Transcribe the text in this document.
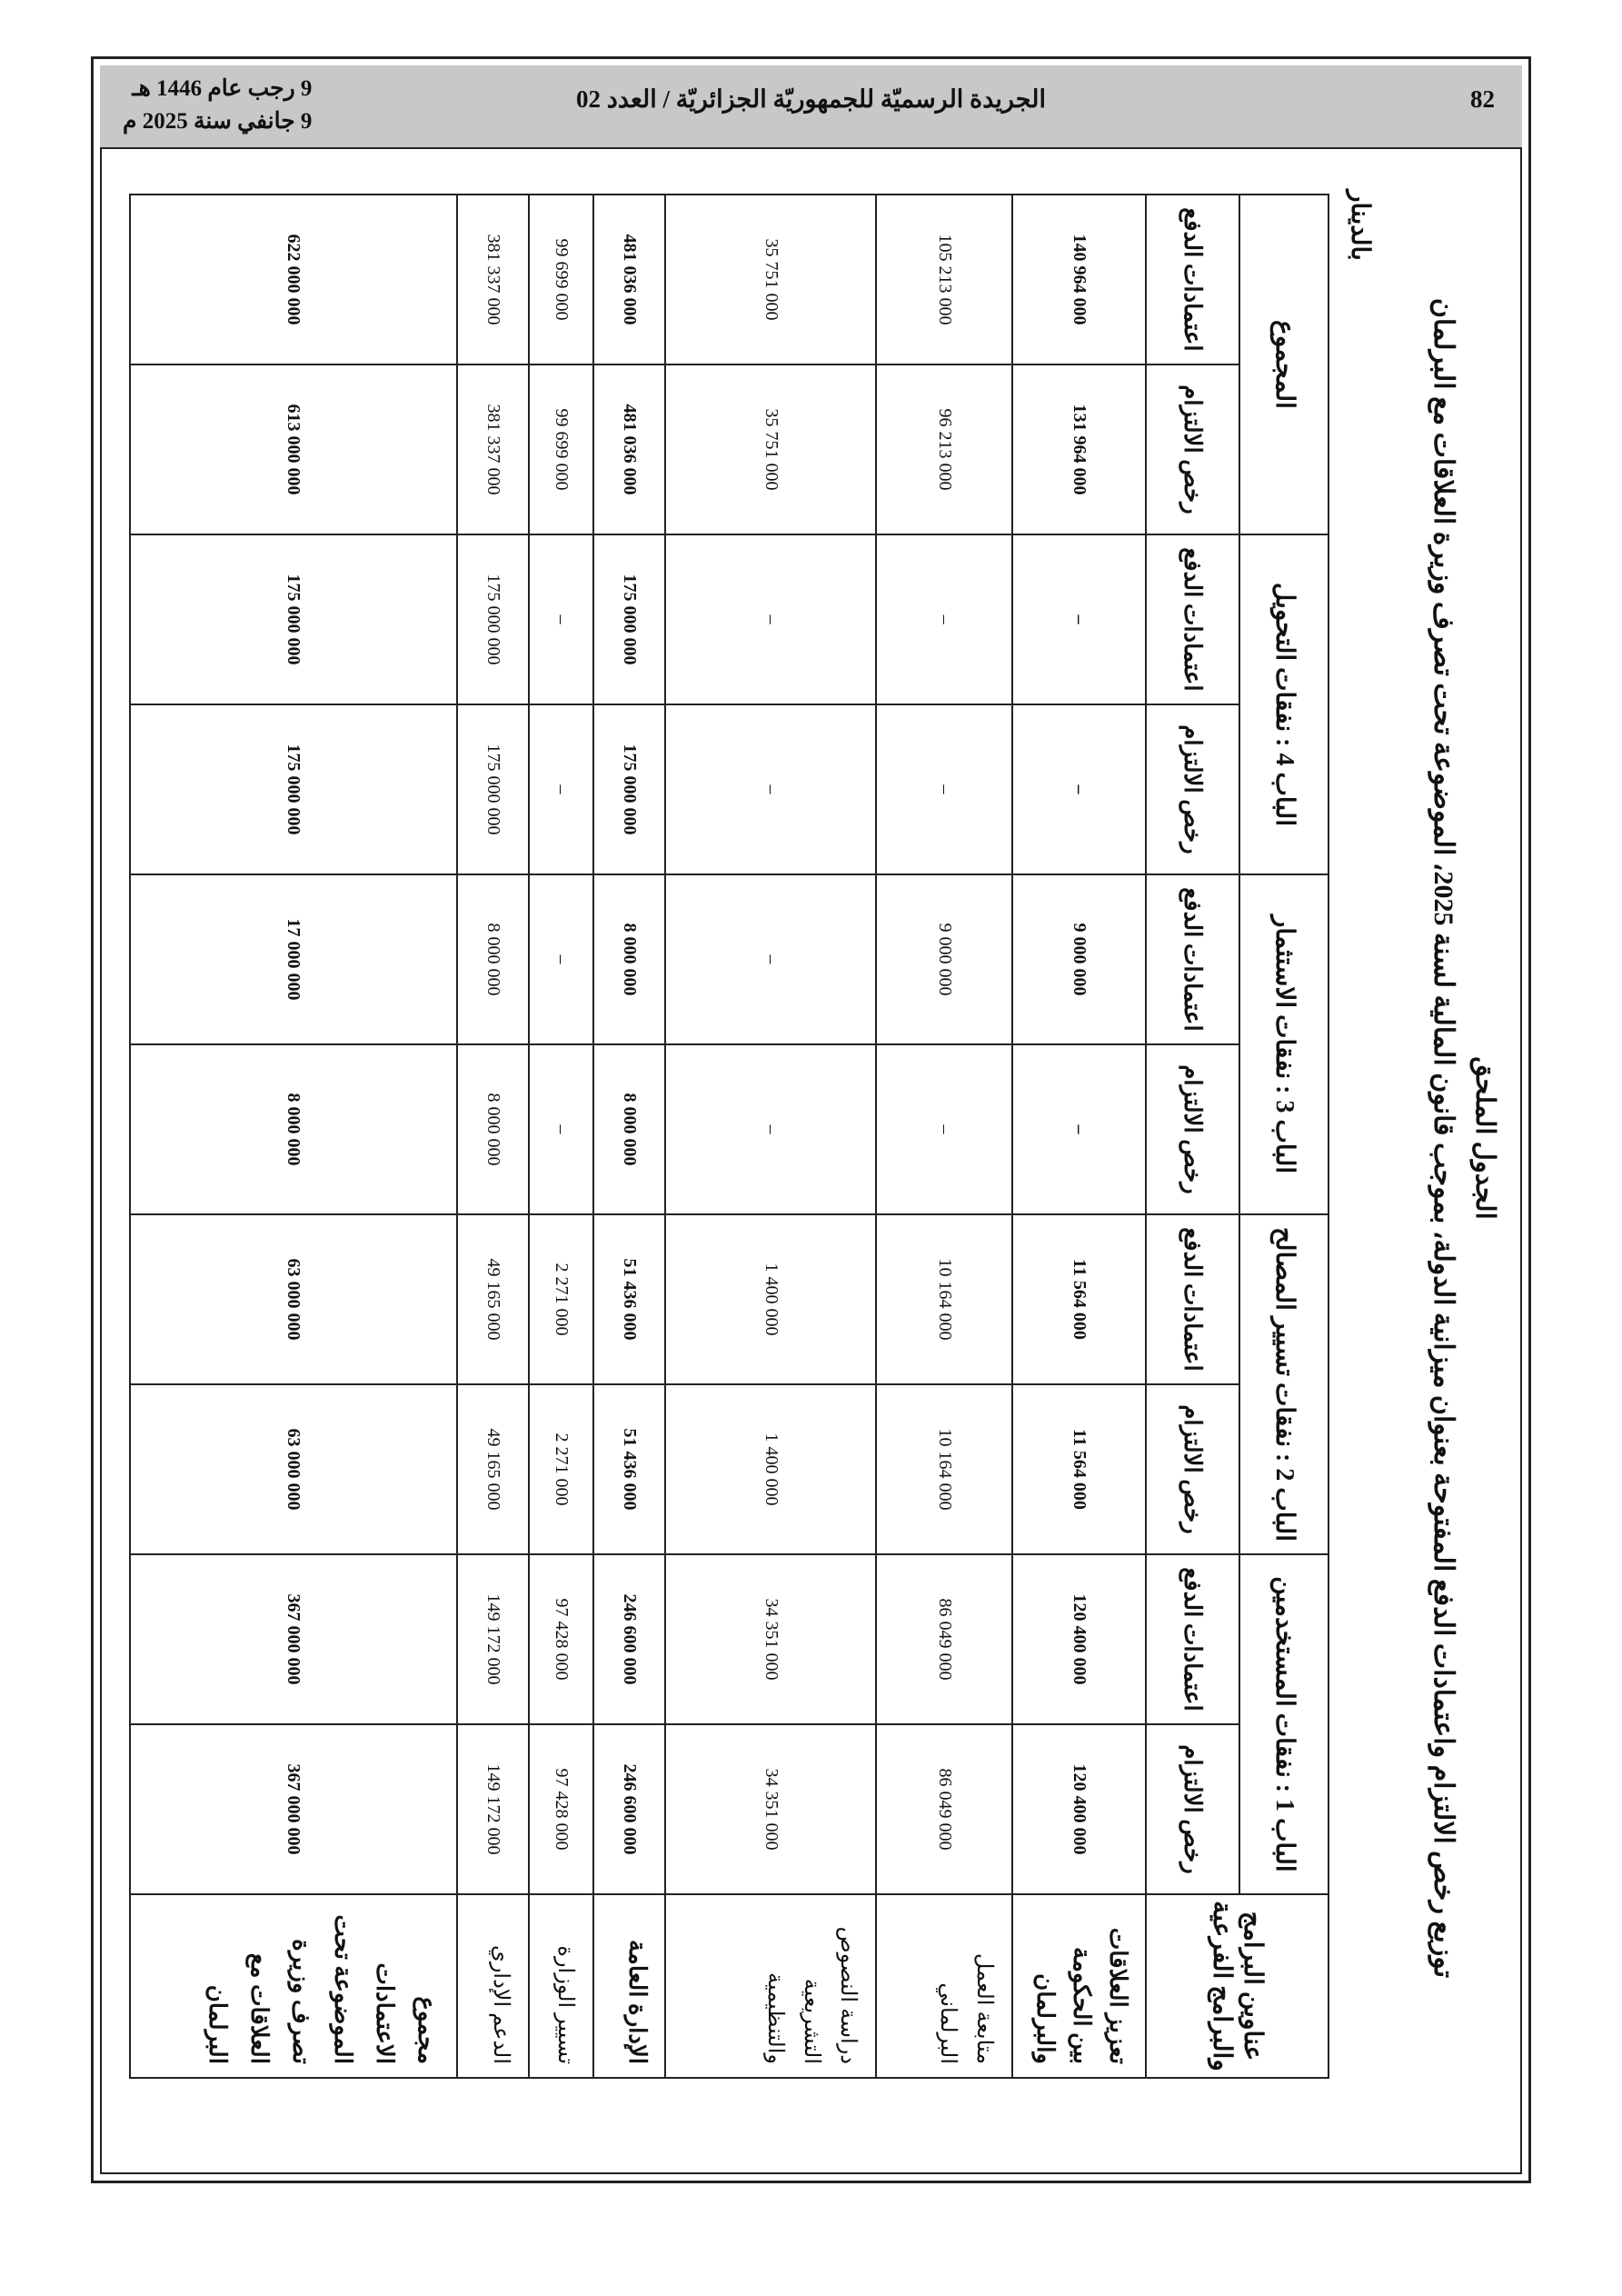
82
الجريدة الرسميّة للجمهوريّة الجزائريّة / العدد 02
9 رجب عام 1446 هـ
9 جانفي سنة 2025 م
الجدول الملحق
توزيع رخص الالتزام واعتمادات الدفع المفتوحة بعنوان ميزانية الدولة، بموجب قانون المالية لسنة 2025، الموضوعة تحت تصرف وزيرة العلاقات مع البرلمان
بالدينار
عناوين البرامج والبرامج الفرعية	الباب 1 : نفقات المستخدمين		الباب 2 : نفقات تسيير المصالح		الباب 3 : نفقات الاستثمار		الباب 4 : نفقات التحويل		المجموع	
	رخص الالتزام	اعتمادات الدفع	رخص الالتزام	اعتمادات الدفع	رخص الالتزام	اعتمادات الدفع	رخص الالتزام	اعتمادات الدفع	رخص الالتزام	اعتمادات الدفع
تعزيز العلاقات بين الحكومة والبرلمان	120 400 000	120 400 000	11 564 000	11 564 000	–	9 000 000	–	–	131 964 000	140 964 000
متابعة العمل البرلماني	86 049 000	86 049 000	10 164 000	10 164 000	–	9 000 000	–	–	96 213 000	105 213 000
دراسة النصوص التشريعية والتنظيمية	34 351 000	34 351 000	1 400 000	1 400 000	–	–	–	–	35 751 000	35 751 000
الإدارة العامة	246 600 000	246 600 000	51 436 000	51 436 000	8 000 000	8 000 000	175 000 000	175 000 000	481 036 000	481 036 000
تسيير الوزارة	97 428 000	97 428 000	2 271 000	2 271 000	–	–	–	–	99 699 000	99 699 000
الدعم الإداري	149 172 000	149 172 000	49 165 000	49 165 000	8 000 000	8 000 000	175 000 000	175 000 000	381 337 000	381 337 000
مجموع الاعتمادات الموضوعة تحت تصرف وزيرة العلاقات مع البرلمان	367 000 000	367 000 000	63 000 000	63 000 000	8 000 000	17 000 000	175 000 000	175 000 000	613 000 000	622 000 000
